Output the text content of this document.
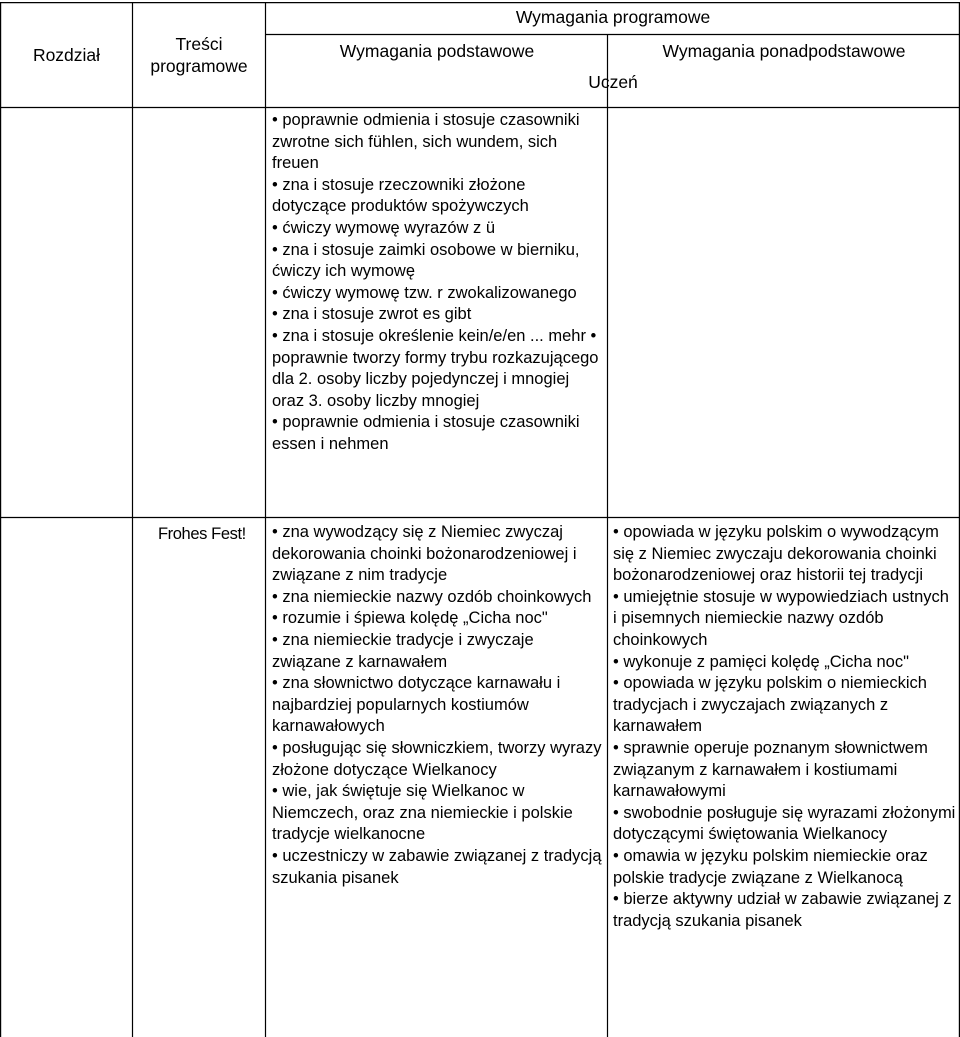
Rozdział
Treści
programowe
Wymagania programowe
Wymagania podstawowe	Wymagania ponadpodstawowe
Uczeń

• poprawnie odmienia i stosuje czasowniki zwrotne sich fühlen, sich wundem, sich freuen

• zna i stosuje rzeczowniki złożone dotyczące produktów spożywczych

• ćwiczy wymowę wyrazów z ü

• zna i stosuje zaimki osobowe w bierniku, ćwiczy ich wymowę

• ćwiczy wymowę tzw. r zwokalizowanego

• zna i stosuje zwrot es gibt

• zna i stosuje określenie kein/e/en ... mehr • poprawnie tworzy formy trybu rozkazującego dla 2. osoby liczby pojedynczej i mnogiej oraz 3. osoby liczby mnogiej

• poprawnie odmienia i stosuje czasowniki essen i nehmen

Frohes Fest!	• zna wywodzący się z Niemiec zwyczaj dekorowania choinki bożonarodzeniowej i związane z nim tradycje

• zna niemieckie nazwy ozdób choinkowych

• rozumie i śpiewa kolędę „Cicha noc"

• zna niemieckie tradycje i zwyczaje związane z karnawałem

• zna słownictwo dotyczące karnawału i najbardziej popularnych kostiumów karnawałowych

• posługując się słowniczkiem, tworzy wyrazy złożone dotyczące Wielkanocy

• wie, jak świętuje się Wielkanoc w Niemczech, oraz zna niemieckie i polskie tradycje wielkanocne

• uczestniczy w zabawie związanej z tradycją szukania pisanek

• opowiada w języku polskim o wywodzącym się z Niemiec zwyczaju dekorowania choinki bożonarodzeniowej oraz historii tej tradycji

• umiejętnie stosuje w wypowiedziach ustnych i pisemnych niemieckie nazwy ozdób choinkowych

• wykonuje z pamięci kolędę „Cicha noc"

• opowiada w języku polskim o niemieckich tradycjach i zwyczajach związanych z karnawałem

• sprawnie operuje poznanym słownictwem związanym z karnawałem i kostiumami karnawałowymi

• swobodnie posługuje się wyrazami złożonymi dotyczącymi świętowania Wielkanocy

• omawia w języku polskim niemieckie oraz polskie tradycje związane z Wielkanocą

• bierze aktywny udział w zabawie związanej z tradycją szukania pisanek
